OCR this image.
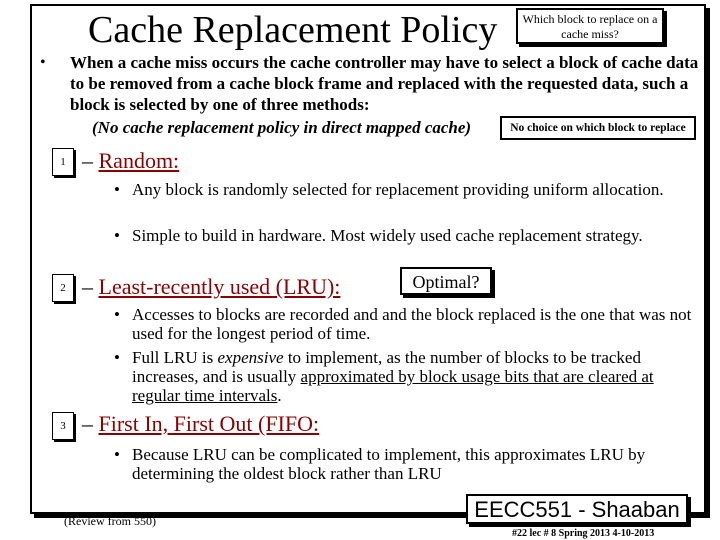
Cache Replacement Policy	Which block to replace on a cache miss?
• When a cache miss occurs the cache controller may have to select a block of cache data to be removed from a cache block frame and replaced with the requested data, such a block is selected by one of three methods:
(No cache replacement policy in direct mapped cache)	No choice on which block to replace
1 – Random:
• Any block is randomly selected for replacement providing uniform allocation.
• Simple to build in hardware. Most widely used cache replacement strategy.
2 – Least-recently used (LRU):	Optimal?
• Accesses to blocks are recorded and and the block replaced is the one that was not used for the longest period of time.
• Full LRU is expensive to implement, as the number of blocks to be tracked increases, and is usually approximated by block usage bits that are cleared at regular time intervals.
3 – First In, First Out (FIFO:
• Because LRU can be complicated to implement, this approximates LRU by determining the oldest block rather than LRU
(Review from 550)	EECC551 - Shaaban
#22 lec # 8 Spring 2013 4-10-2013
